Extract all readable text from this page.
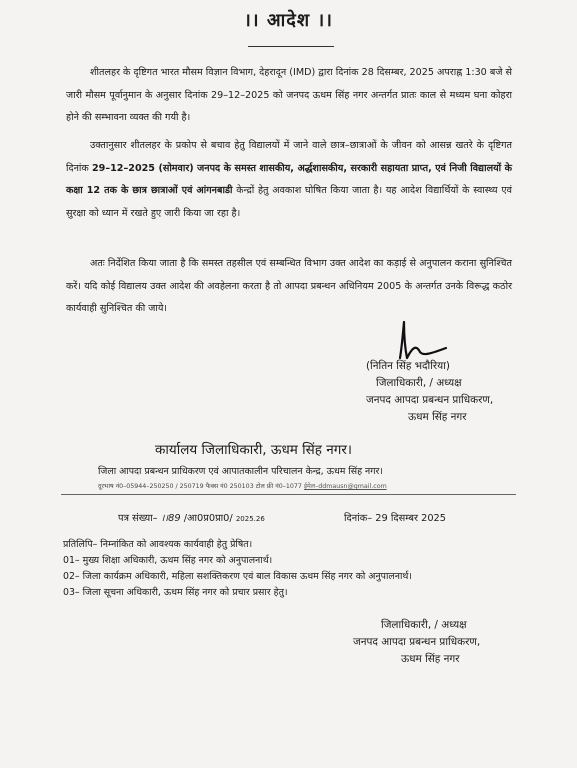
।। आदेश ।।

शीतलहर के दृष्टिगत भारत मौसम विज्ञान विभाग, देहरादून (IMD) द्वारा दिनांक 28 दिसम्बर, 2025 अपराह्न 1:30 बजे से जारी मौसम पूर्वानुमान के अनुसार दिनांक 29–12–2025 को जनपद ऊधम सिंह नगर अन्तर्गत प्रातः काल से मध्यम घना कोहरा होने की सम्भावना व्यक्त की गयी है।

उक्तानुसार शीतलहर के प्रकोप से बचाव हेतु विद्यालयों में जाने वाले छात्र–छात्राओं के जीवन को आसन्न खतरे के दृष्टिगत दिनांक 29–12–2025 (सोमवार) जनपद के समस्त शासकीय, अर्द्धशासकीय, सरकारी सहायता प्राप्त, एवं निजी विद्यालयों के कक्षा 12 तक के छात्र छात्राओं एवं आंगनबाडी केन्द्रों हेतु अवकाश घोषित किया जाता है। यह आदेश विद्यार्थियों के स्वास्थ्य एवं सुरक्षा को ध्यान में रखते हुए जारी किया जा रहा है।

अतः निर्देशित किया जाता है कि समस्त तहसील एवं सम्बन्धित विभाग उक्त आदेश का कड़ाई से अनुपालन कराना सुनिश्चित करें। यदि कोई विद्यालय उक्त आदेश की अवहेलना करता है तो आपदा प्रबन्धन अधिनियम 2005 के अन्तर्गत उनके विरूद्ध कठोर कार्यवाही सुनिश्चित की जाये।

(नितिन सिंह भदौरिया)
जिलाधिकारी, / अध्यक्ष
जनपद आपदा प्रबन्धन प्राधिकरण,
ऊधम सिंह नगर
कार्यालय जिलाधिकारी, ऊधम सिंह नगर।
जिला आपदा प्रबन्धन प्राधिकरण एवं आपातकालीन परिचालन केन्द्र, ऊधम सिंह नगर।
दूरभाष नं0–05944–250250 / 250719 फैक्स नं0 250103 टोल फ्री नं0–1077 ईमेल–ddmausn@gmail.com
पत्र संख्या– ।।89 /आ0प्र0प्रा0/ 2025.26	दिनांक– 29 दिसम्बर 2025
प्रतिलिपि– निम्नांकित को आवश्यक कार्यवाही हेतु प्रेषित।
01– मुख्य शिक्षा अधिकारी, ऊधम सिंह नगर को अनुपालनार्थ।
02– जिला कार्यक्रम अधिकारी, महिला सशक्तिकरण एवं बाल विकास ऊधम सिंह नगर को अनुपालनार्थ।
03– जिला सूचना अधिकारी, ऊधम सिंह नगर को प्रचार प्रसार हेतु।
जिलाधिकारी, / अध्यक्ष
जनपद आपदा प्रबन्धन प्राधिकरण,
ऊधम सिंह नगर
